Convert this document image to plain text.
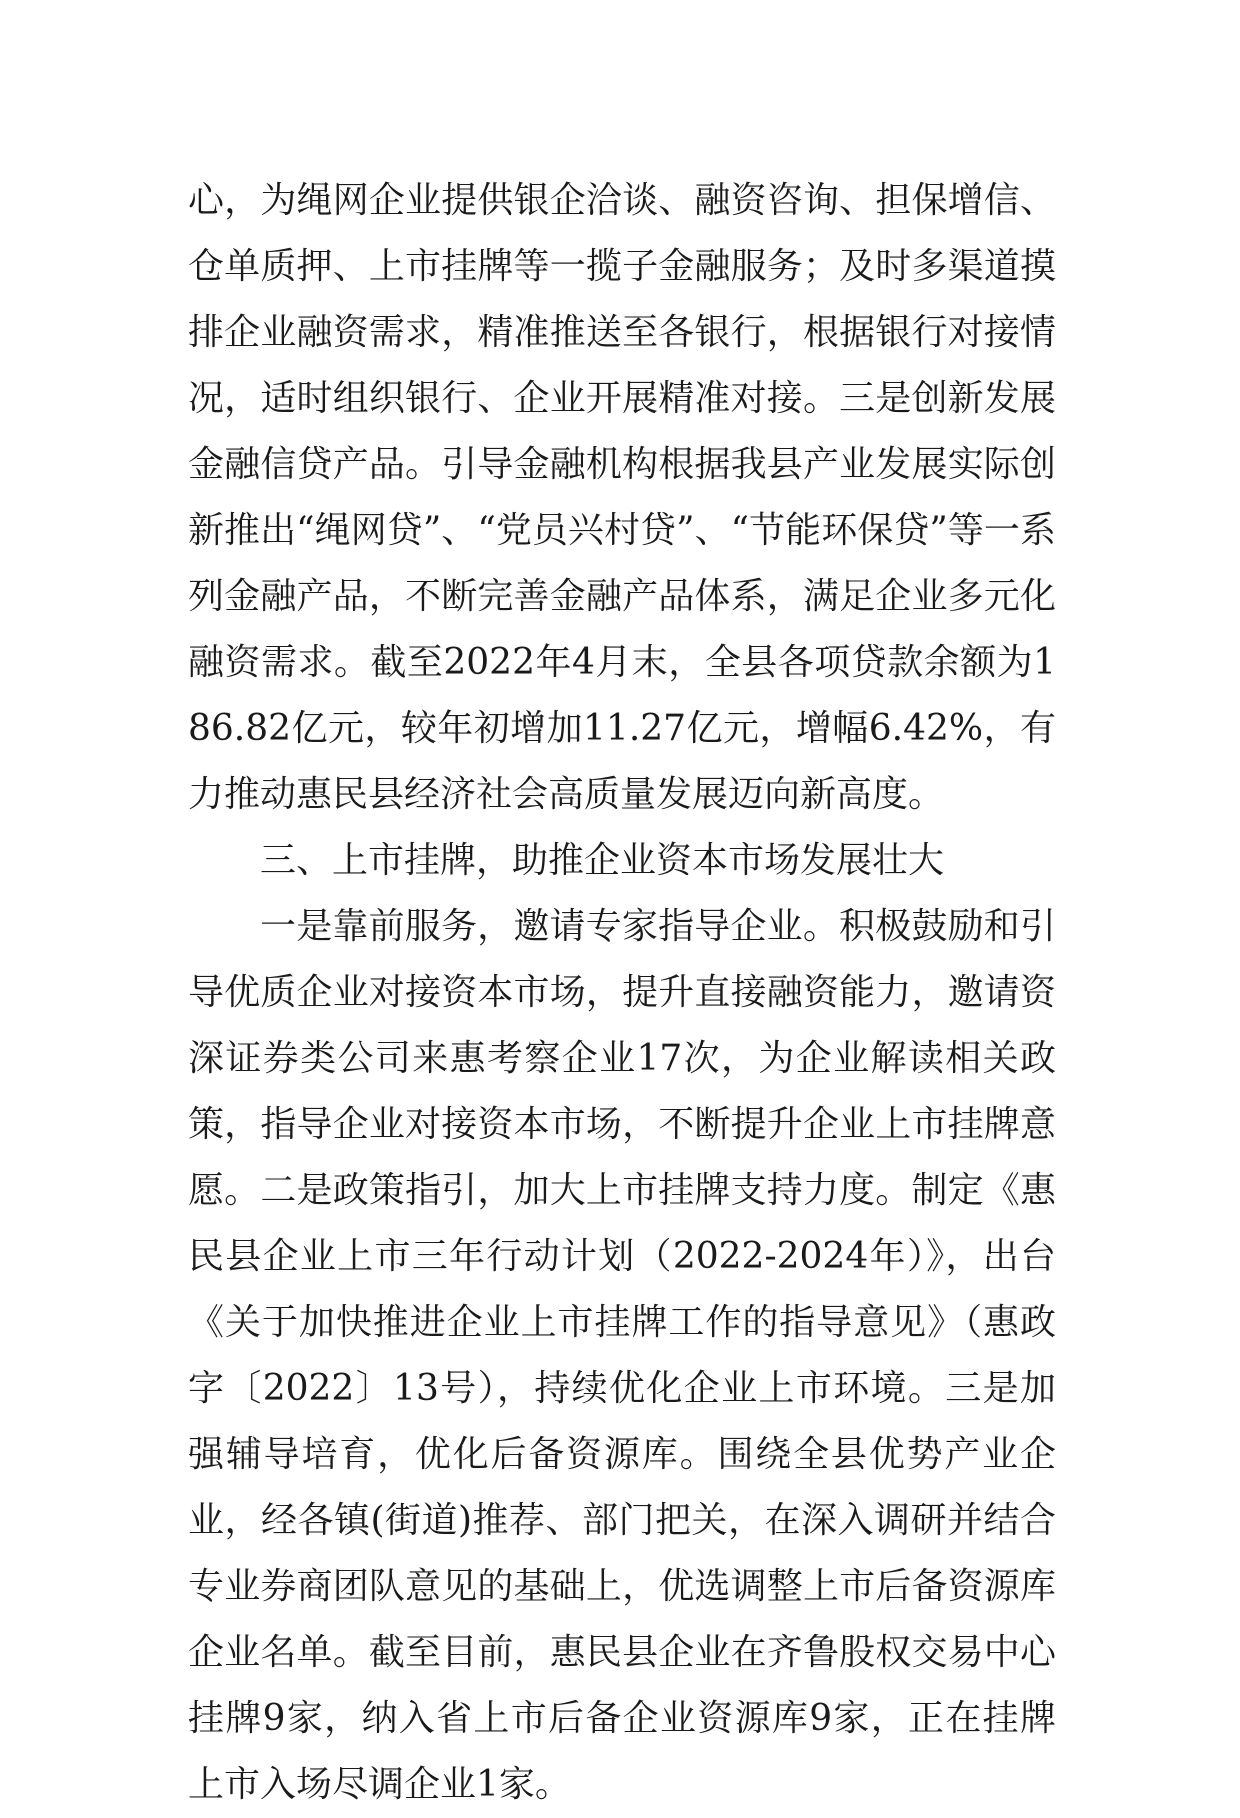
心，为绳网企业提供银企洽谈、融资咨询、担保增信、仓单质押、上市挂牌等一揽子金融服务；及时多渠道摸排企业融资需求，精准推送至各银行，根据银行对接情况，适时组织银行、企业开展精准对接。三是创新发展金融信贷产品。引导金融机构根据我县产业发展实际创新推出“绳网贷”、“党员兴村贷”、“节能环保贷”等一系列金融产品，不断完善金融产品体系，满足企业多元化融资需求。截至2022年4月末，全县各项贷款余额为186.82亿元，较年初增加11.27亿元，增幅6.42%，有力推动惠民县经济社会高质量发展迈向新高度。

三、上市挂牌，助推企业资本市场发展壮大

一是靠前服务，邀请专家指导企业。积极鼓励和引导优质企业对接资本市场，提升直接融资能力，邀请资深证券类公司来惠考察企业17次，为企业解读相关政策，指导企业对接资本市场，不断提升企业上市挂牌意愿。二是政策指引，加大上市挂牌支持力度。制定《惠民县企业上市三年行动计划（2022-2024年）》，出台《关于加快推进企业上市挂牌工作的指导意见》（惠政字〔2022〕13号），持续优化企业上市环境。三是加强辅导培育，优化后备资源库。围绕全县优势产业企业，经各镇(街道)推荐、部门把关，在深入调研并结合专业券商团队意见的基础上，优选调整上市后备资源库企业名单。截至目前，惠民县企业在齐鲁股权交易中心挂牌9家，纳入省上市后备企业资源库9家，正在挂牌上市入场尽调企业1家。
